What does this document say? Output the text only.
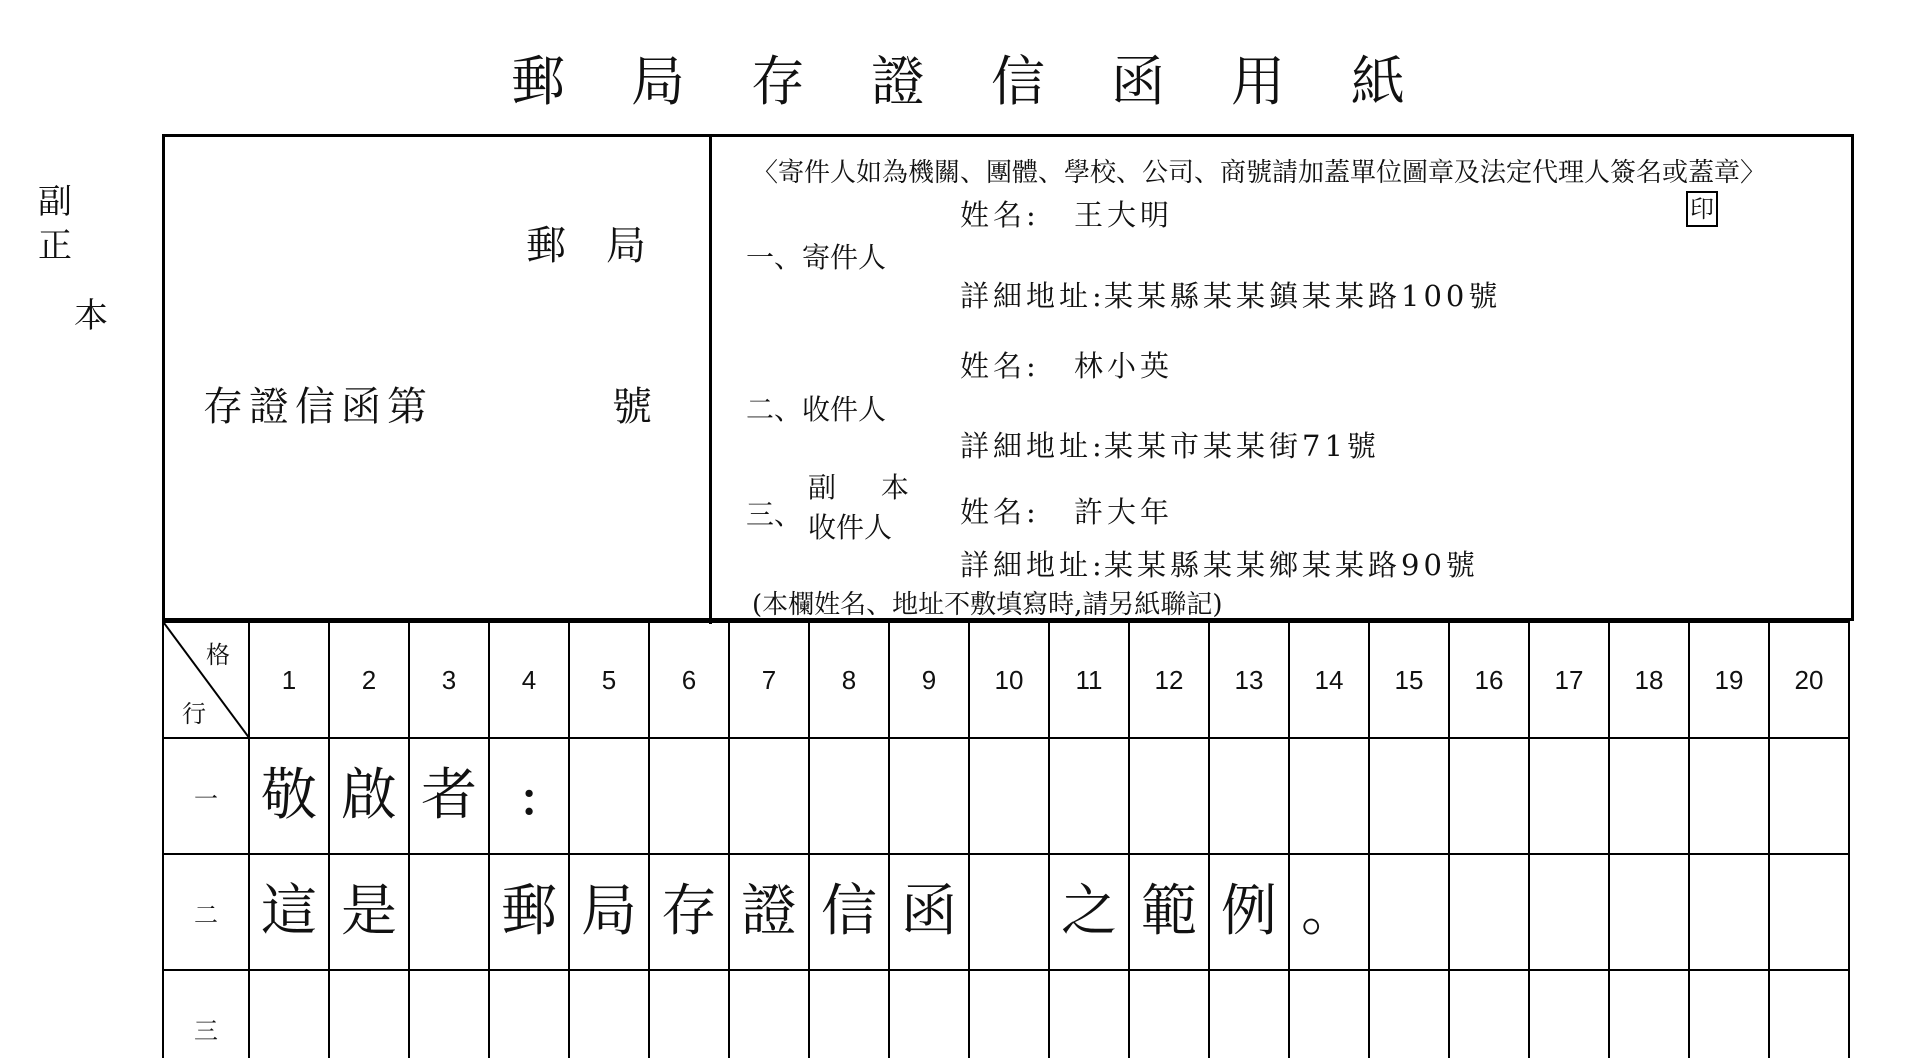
郵局存證信函用紙
副正
本
郵局
存證信函第	號
〈寄件人如為機關、團體、學校、公司、商號請加蓋單位圖章及法定代理人簽名或蓋章〉
印
一、寄件人
姓名: 王大明
詳細地址:
某某縣某某鎮某某路100號
姓名: 林小英
二、收件人
詳細地址:
某某市某某街71號
三、
副 本
收件人 姓名: 許大年
詳細地址:
某某縣某某鄉某某路90號
(本欄姓名、地址不敷填寫時,請另紙聯記)
格
行	1	2	3	4	5	6	7	8	9	10	11	12	13	14	15	16	17	18	19	20
一	敬	啟	者	:																
二	這	是		郵	局	存	證	信	函		之	範	例	。						
三																				
